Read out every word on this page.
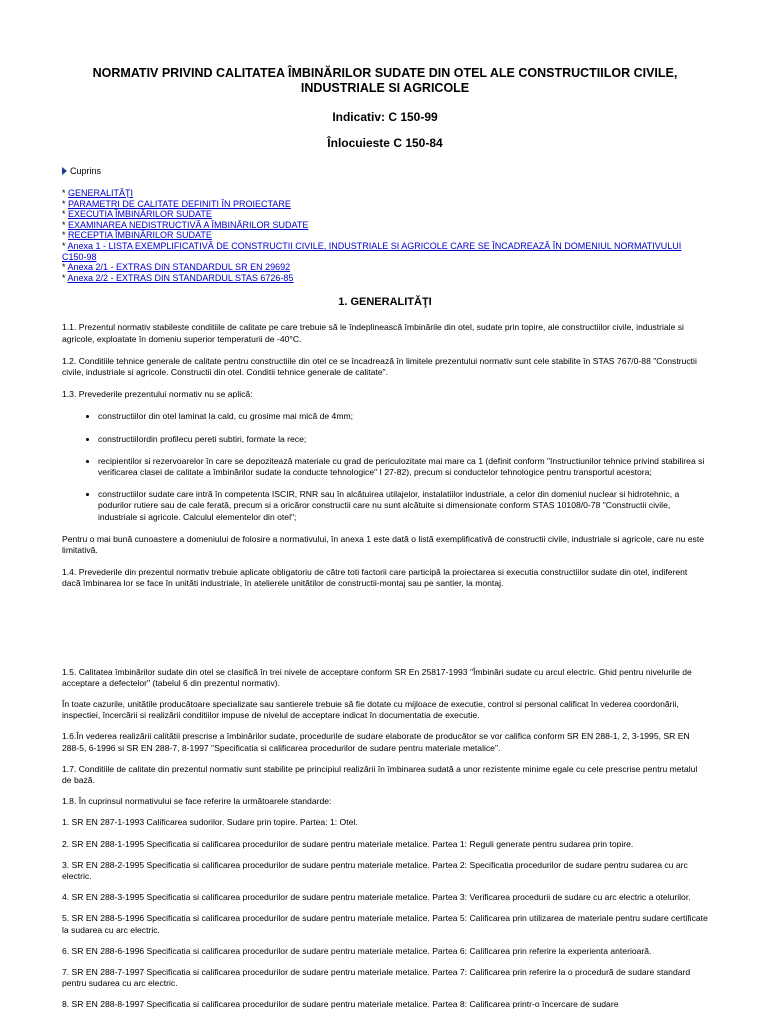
NORMATIV PRIVIND CALITATEA ÎMBINĂRILOR SUDATE DIN OTEL ALE CONSTRUCTIILOR CIVILE, INDUSTRIALE SI AGRICOLE
Indicativ: C 150-99
Înlocuieste C 150-84
Cuprins
* GENERALITĂŢI
* PARAMETRI DE CALITATE DEFINITI ÎN PROIECTARE
* EXECUTIA ÎMBINĂRILOR SUDATE
* EXAMINAREA NEDISTRUCTIVĂ A ÎMBINĂRILOR SUDATE
* RECEPTIA ÎMBINĂRILOR SUDATE
* Anexa 1 - LISTA EXEMPLIFICATIVĂ DE CONSTRUCTII CIVILE, INDUSTRIALE SI AGRICOLE CARE SE ÎNCADREAZĂ ÎN DOMENIUL NORMATIVULUI C150-98
* Anexa 2/1 - EXTRAS DIN STANDARDUL SR EN 29692
* Anexa 2/2 - EXTRAS DIN STANDARDUL STAS 6726-85
1. GENERALITĂŢI

1.1. Prezentul normativ stabileste conditiile de calitate pe care trebuie să le îndeplinească îmbinările din otel, sudate prin topire, ale constructiilor civile, industriale si agricole, exploatate în domeniu superior temperaturii de -40°C.

1.2. Conditiile tehnice generale de calitate pentru constructiile din otel ce se încadrează în limitele prezentului normativ sunt cele stabilite în STAS 767/0-88 "Constructii civile, industriale si agricole. Constructii din otel. Conditii tehnice generale de calitate".

1.3. Prevederile prezentului normativ nu se aplică:

• constructiilor din otel laminat la cald, cu grosime mai mică de 4mm;
• constructiilordin profilecu pereti subtiri, formate la rece;
• recipientilor si rezervoarelor în care se depozitează materiale cu grad de periculozitate mai mare ca 1 (definit conform "Instructiunilor tehnice privind stabilirea si verificarea clasei de calitate a îmbinărilor sudate la conducte tehnologice" I 27-82), precum si conductelor tehnologice pentru transportul acestora;
• constructiilor sudate care intră în competenta ISCIR, RNR sau în alcătuirea utilajelor, instalatiilor industriale, a celor din domeniul nuclear si hidrotehnic, a podurilor rutiere sau de cale ferată, precum si a oricăror constructii care nu sunt alcătuite si dimensionate conform STAS 10108/0-78 "Constructii civile, industriale si agricole. Calculul elementelor din otel";

Pentru o mai bună cunoastere a domeniului de folosire a normativului, în anexa 1 este dată o listă exemplificativă de constructii civile, industriale si agricole, care nu este limitativă.

1.4. Prevederile din prezentul normativ trebuie aplicate obligatoriu de către toti factorii care participă la proiectarea si executia constructiilor sudate din otel, indiferent dacă îmbinarea lor se face în unităti industriale, în atelierele unitătilor de constructii-montaj sau pe santier, la montaj.

1.5. Calitatea îmbinărilor sudate din otel se clasifică în trei nivele de acceptare conform SR En 25817-1993 "Îmbinări sudate cu arcul electric. Ghid pentru nivelurile de acceptare a defectelor" (tabelul 6 din prezentul normativ).

În toate cazurile, unitătile producătoare specializate sau santierele trebuie să fie dotate cu mijloace de executie, control si personal calificat în vederea coordonării, inspectiei, încercării si realizării conditiilor impuse de nivelul de acceptare indicat în documentatia de executie.

1.6.În vederea realizării calitătii prescrise a îmbinărilor sudate, procedurile de sudare elaborate de producător se vor califica conform SR EN 288-1, 2, 3-1995, SR EN 288-5, 6-1996 si SR EN 288-7, 8-1997 "Specificatia si calificarea procedurilor de sudare pentru materiale metalice".

1.7. Conditiile de calitate din prezentul normativ sunt stabilite pe principiul realizării în îmbinarea sudată a unor rezistente minime egale cu cele prescrise pentru metalul de bază.

1.8. În cuprinsul normativului se face referire la următoarele standarde:

1. SR EN 287-1-1993 Calificarea sudorilor. Sudare prin topire. Partea: 1: Otel.

2. SR EN 288-1-1995 Specificatia si calificarea procedurilor de sudare pentru materiale metalice. Partea 1: Reguli generate pentru sudarea prin topire.

3. SR EN 288-2-1995 Specificatia si calificarea procedurilor de sudare pentru materiale metalice. Partea 2: Specificatia procedurilor de sudare pentru sudarea cu arc electric.

4. SR EN 288-3-1995 Specificatia si calificarea procedurilor de sudare pentru materiale metalice. Partea 3: Verificarea procedurii de sudare cu arc electric a otelurilor.

5. SR EN 288-5-1996 Specificatia si calificarea procedurilor de sudare pentru materiale metalice. Partea 5: Calificarea prin utilizarea de materiale pentru sudare certificate la sudarea cu arc electric.

6. SR EN 288-6-1996 Specificatia si calificarea procedurilor de sudare pentru materiale metalice. Partea 6: Calificarea prin referire la experienta anterioară.

7. SR EN 288-7-1997 Specificatia si calificarea procedurilor de sudare pentru materiale metalice. Partea 7: Calificarea prin referire la o procedură de sudare standard pentru sudarea cu arc electric.

8. SR EN 288-8-1997 Specificatia si calificarea procedurilor de sudare pentru materiale metalice. Partea 8: Calificarea printr-o încercare de sudare
